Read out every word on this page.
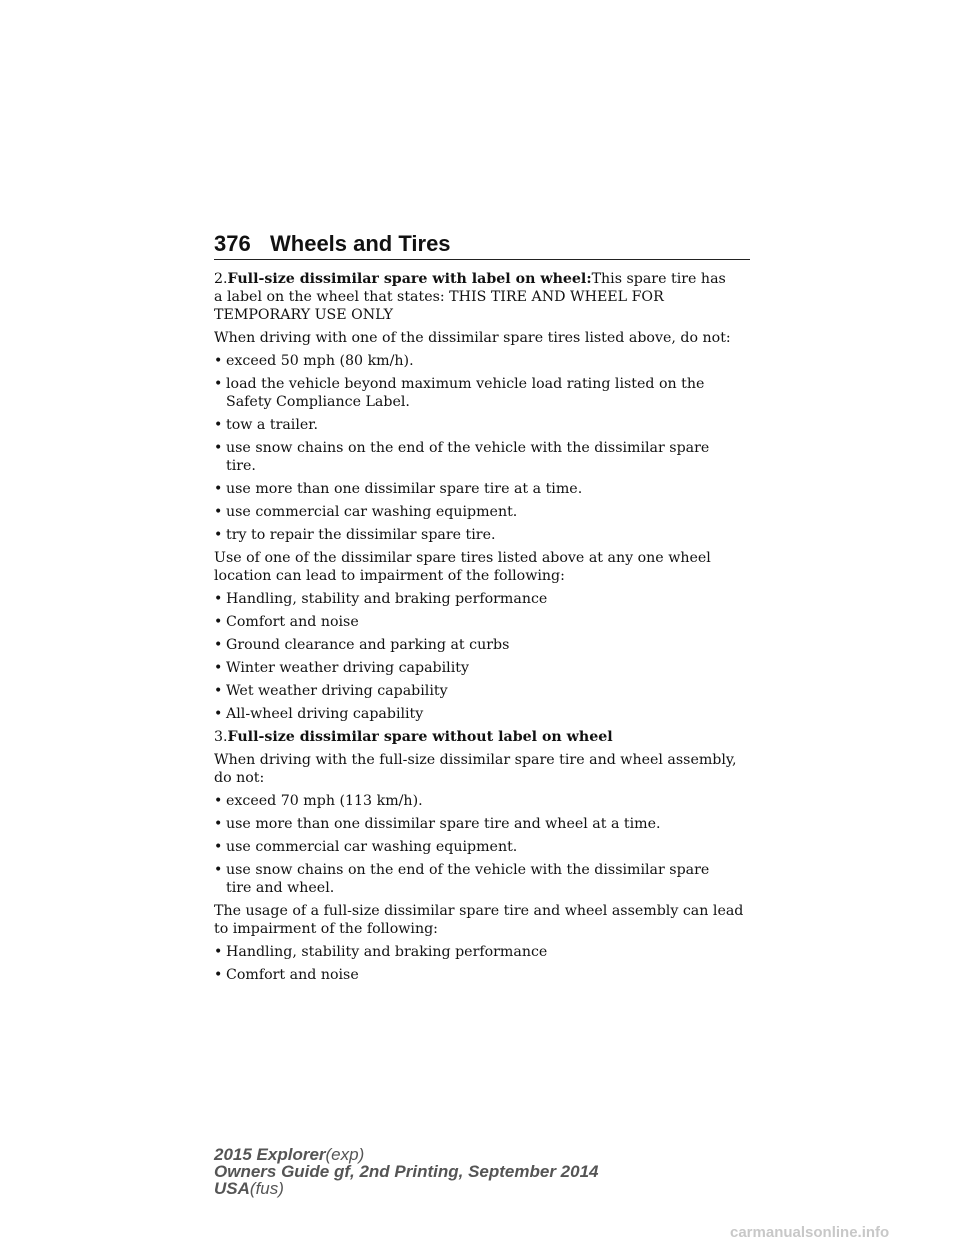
376 Wheels and Tires

2.Full-size dissimilar spare with label on wheel:This spare tire has
a label on the wheel that states: THIS TIRE AND WHEEL FOR
TEMPORARY USE ONLY

When driving with one of the dissimilar spare tires listed above, do not:

• exceed 50 mph (80 km/h).
• load the vehicle beyond maximum vehicle load rating listed on the
Safety Compliance Label.
• tow a trailer.
• use snow chains on the end of the vehicle with the dissimilar spare
tire.
• use more than one dissimilar spare tire at a time.
• use commercial car washing equipment.
• try to repair the dissimilar spare tire.

Use of one of the dissimilar spare tires listed above at any one wheel
location can lead to impairment of the following:

• Handling, stability and braking performance
• Comfort and noise
• Ground clearance and parking at curbs
• Winter weather driving capability
• Wet weather driving capability
• All-wheel driving capability

3.Full-size dissimilar spare without label on wheel

When driving with the full-size dissimilar spare tire and wheel assembly,
do not:

• exceed 70 mph (113 km/h).
• use more than one dissimilar spare tire and wheel at a time.
• use commercial car washing equipment.
• use snow chains on the end of the vehicle with the dissimilar spare
tire and wheel.

The usage of a full-size dissimilar spare tire and wheel assembly can lead
to impairment of the following:

• Handling, stability and braking performance
• Comfort and noise
2015 Explorer(exp)
Owners Guide gf, 2nd Printing, September 2014
USA(fus)
carmanualsonline.info
